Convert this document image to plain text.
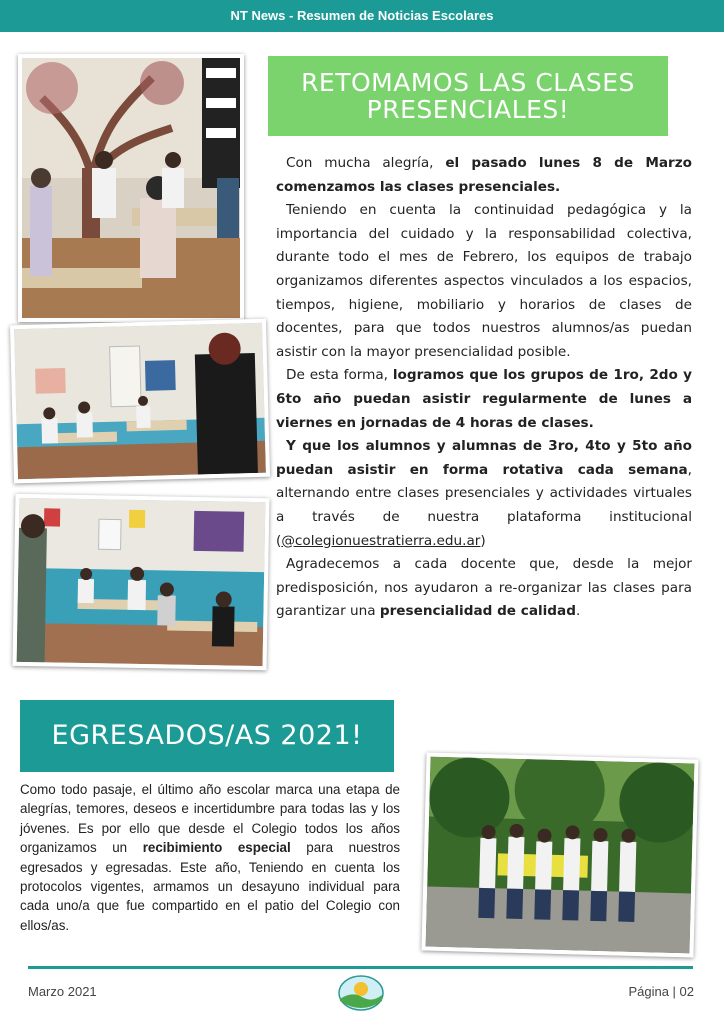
NT News - Resumen de Noticias Escolares
RETOMAMOS LAS CLASES
PRESENCIALES!

Con mucha alegría, el pasado lunes 8 de Marzo comenzamos las clases presenciales.

Teniendo en cuenta la continuidad pedagógica y la importancia del cuidado y la responsabilidad colectiva, durante todo el mes de Febrero, los equipos de trabajo organizamos diferentes aspectos vinculados a los espacios, tiempos, higiene, mobiliario y horarios de clases de docentes, para que todos nuestros alumnos/as puedan asistir con la mayor presencialidad posible.

De esta forma, logramos que los grupos de 1ro, 2do y 6to año puedan asistir regularmente de lunes a viernes en jornadas de 4 horas de clases.

Y que los alumnos y alumnas de 3ro, 4to y 5to año puedan asistir en forma rotativa cada semana, alternando entre clases presenciales y actividades virtuales a través de nuestra plataforma institucional (@colegionuestratierra.edu.ar)

Agradecemos a cada docente que, desde la mejor predisposición, nos ayudaron a re-organizar las clases para garantizar una presencialidad de calidad.

EGRESADOS/AS 2021!

Como todo pasaje, el último año escolar marca una etapa de alegrías, temores, deseos e incertidumbre para todas las y los jóvenes. Es por ello que desde el Colegio todos los años organizamos un recibimiento especial para nuestros egresados y egresadas. Este año, Teniendo en cuenta los protocolos vigentes, armamos un desayuno individual para cada uno/a que fue compartido en el patio del Colegio con ellos/as.

Marzo 2021	Página | 02
